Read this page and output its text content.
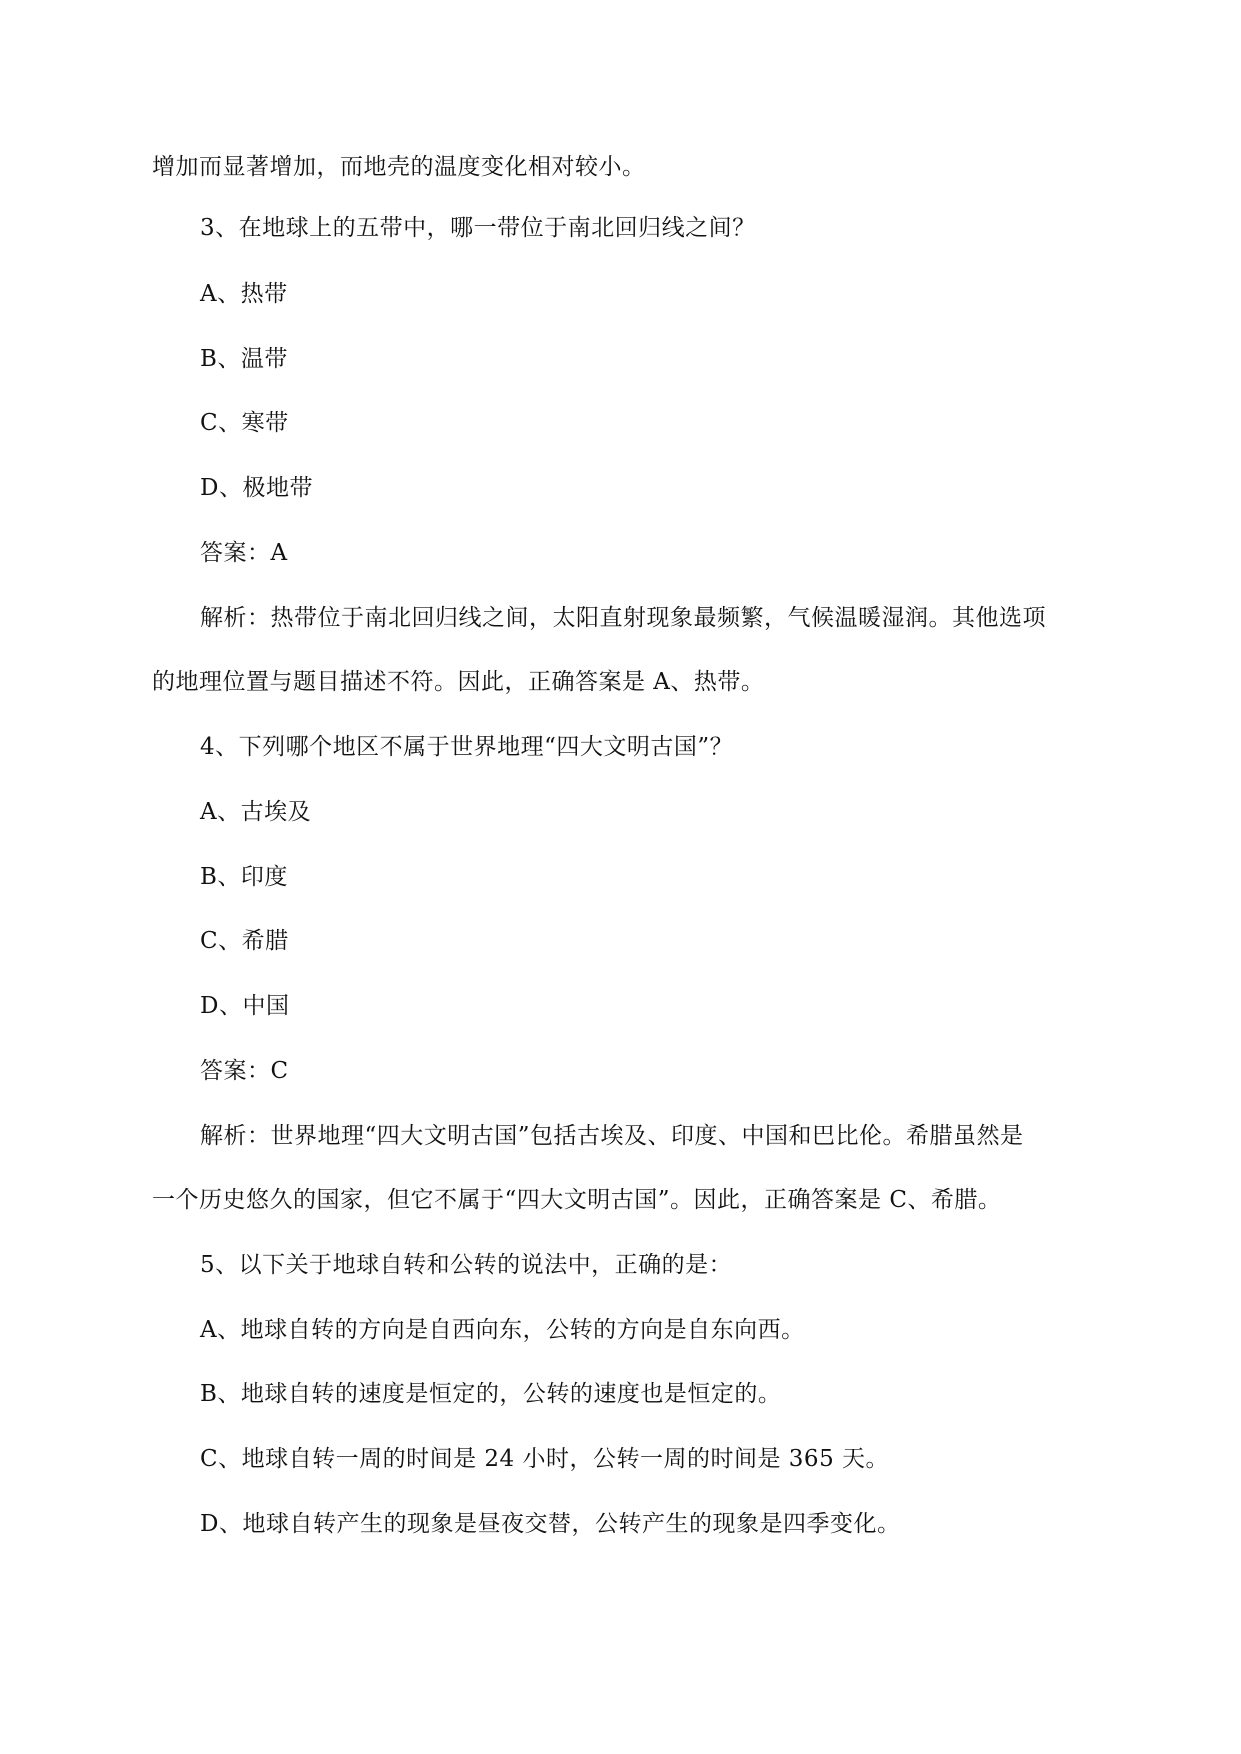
增加而显著增加，而地壳的温度变化相对较小。
3、在地球上的五带中，哪一带位于南北回归线之间？
A、热带
B、温带
C、寒带
D、极地带
答案：A
解析：热带位于南北回归线之间，太阳直射现象最频繁，气候温暖湿润。其他选项
的地理位置与题目描述不符。因此，正确答案是 A、热带。
4、下列哪个地区不属于世界地理“四大文明古国”？
A、古埃及
B、印度
C、希腊
D、中国
答案：C
解析：世界地理“四大文明古国”包括古埃及、印度、中国和巴比伦。希腊虽然是
一个历史悠久的国家，但它不属于“四大文明古国”。因此，正确答案是 C、希腊。
5、以下关于地球自转和公转的说法中，正确的是：
A、地球自转的方向是自西向东，公转的方向是自东向西。
B、地球自转的速度是恒定的，公转的速度也是恒定的。
C、地球自转一周的时间是 24 小时，公转一周的时间是 365 天。
D、地球自转产生的现象是昼夜交替，公转产生的现象是四季变化。
